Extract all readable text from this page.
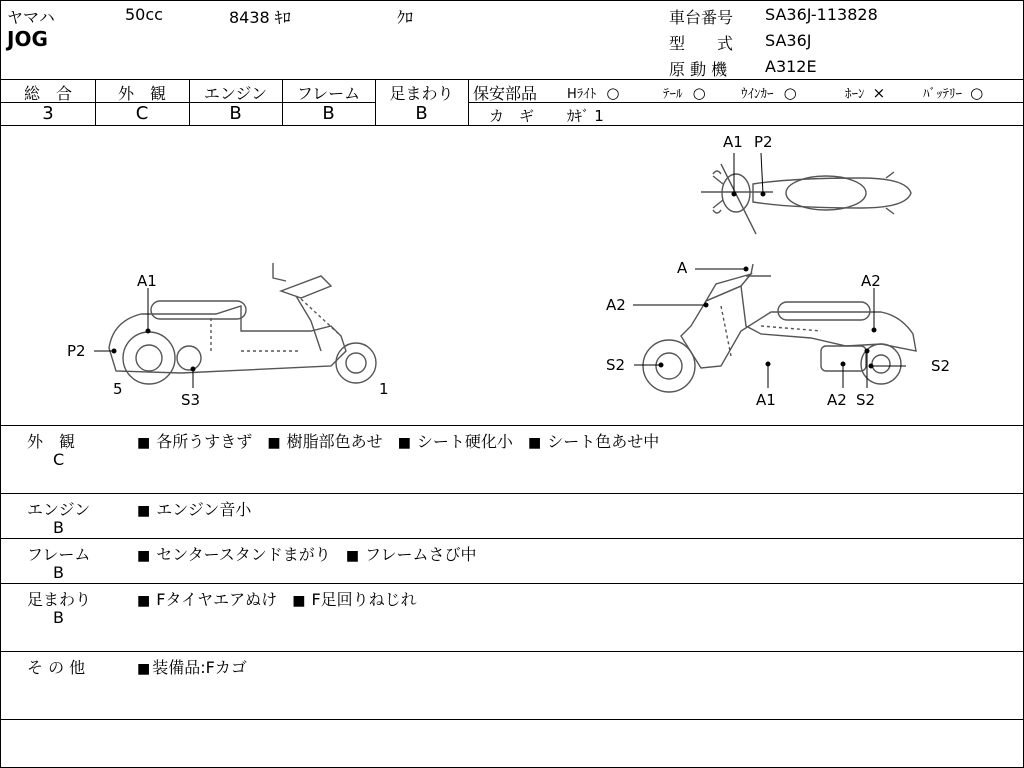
ヤマハ	50cc	8438 ｷﾛ	ｸﾛ
JOG
車台番号 SA36J-113828
型　　式 SA36J
原 動 機 A312E
総　合	外　観	エンジン	フレーム	足まわり
3	C	B	B	B
保安部品 Hﾗｲﾄ ○	ﾃｰﾙ ○	ｳｲﾝｶｰ ○	ﾎｰﾝ ×	ﾊﾞｯﾃﾘｰ ○
カ　ギ ｶｷﾞ 1
A1 P2
A1
P2
5
S3
1
A
A2
A2
S2	S2
A1	A2 S2
外　観
C
■ 各所うすきず ■ 樹脂部色あせ ■ シート硬化小 ■ シート色あせ中
エンジン
B
■ エンジン音小
フレーム
B
■ センタースタンドまがり ■ フレームさび中
足まわり
B
■ Fタイヤエアぬけ ■ F足回りねじれ
そ の 他	■ 装備品:Fカゴ
